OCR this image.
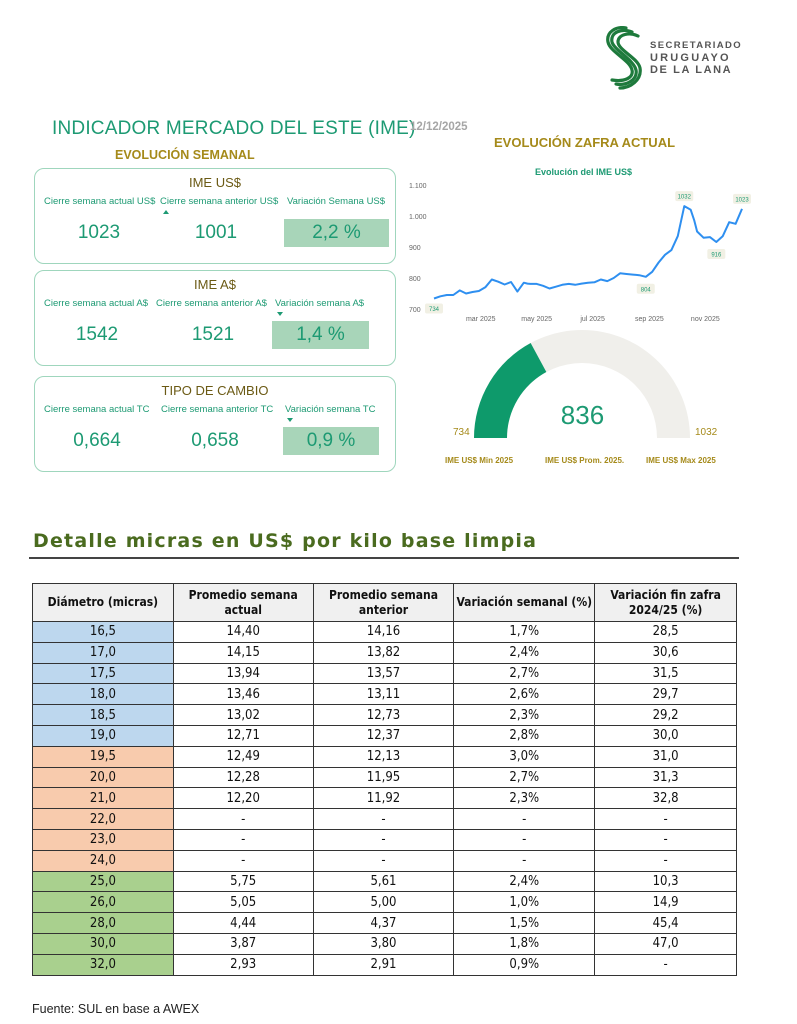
SECRETARIADO
URUGUAYO
DE LA LANA
INDICADOR MERCADO DEL ESTE (IME)
EVOLUCIÓN SEMANAL
12/12/2025
EVOLUCIÓN ZAFRA ACTUAL
IME US$
Cierre semana actual US$ Cierre semana anterior US$ Variación Semana US$
1023	1001	2,2 %
IME A$
Cierre semana actual A$ Cierre semana anterior A$ Variación semana A$
1542	1521	1,4 %
TIPO DE CAMBIO
Cierre semana actual TC Cierre semana anterior TC Variación semana TC
0,664	0,658	0,9 %
Evolución del IME US$
700
800
900
1.000
1.100
mar 2025	may 2025	jul 2025	sep 2025	nov 2025
734
804
1032
916
1023
836
734	1032
IME US$ Min 2025	IME US$ Prom. 2025.	IME US$ Max 2025
Detalle micras en US$ por kilo base limpia
Diámetro (micras)	Promedio semana actual	Promedio semana anterior	Variación semanal (%)	Variación fin zafra 2024/25 (%)
16,5	14,40	14,16	1,7%	28,5
17,0	14,15	13,82	2,4%	30,6
17,5	13,94	13,57	2,7%	31,5
18,0	13,46	13,11	2,6%	29,7
18,5	13,02	12,73	2,3%	29,2
19,0	12,71	12,37	2,8%	30,0
19,5	12,49	12,13	3,0%	31,0
20,0	12,28	11,95	2,7%	31,3
21,0	12,20	11,92	2,3%	32,8
22,0	-	-	-	-
23,0	-	-	-	-
24,0	-	-	-	-
25,0	5,75	5,61	2,4%	10,3
26,0	5,05	5,00	1,0%	14,9
28,0	4,44	4,37	1,5%	45,4
30,0	3,87	3,80	1,8%	47,0
32,0	2,93	2,91	0,9%	-
Fuente: SUL en base a AWEX
